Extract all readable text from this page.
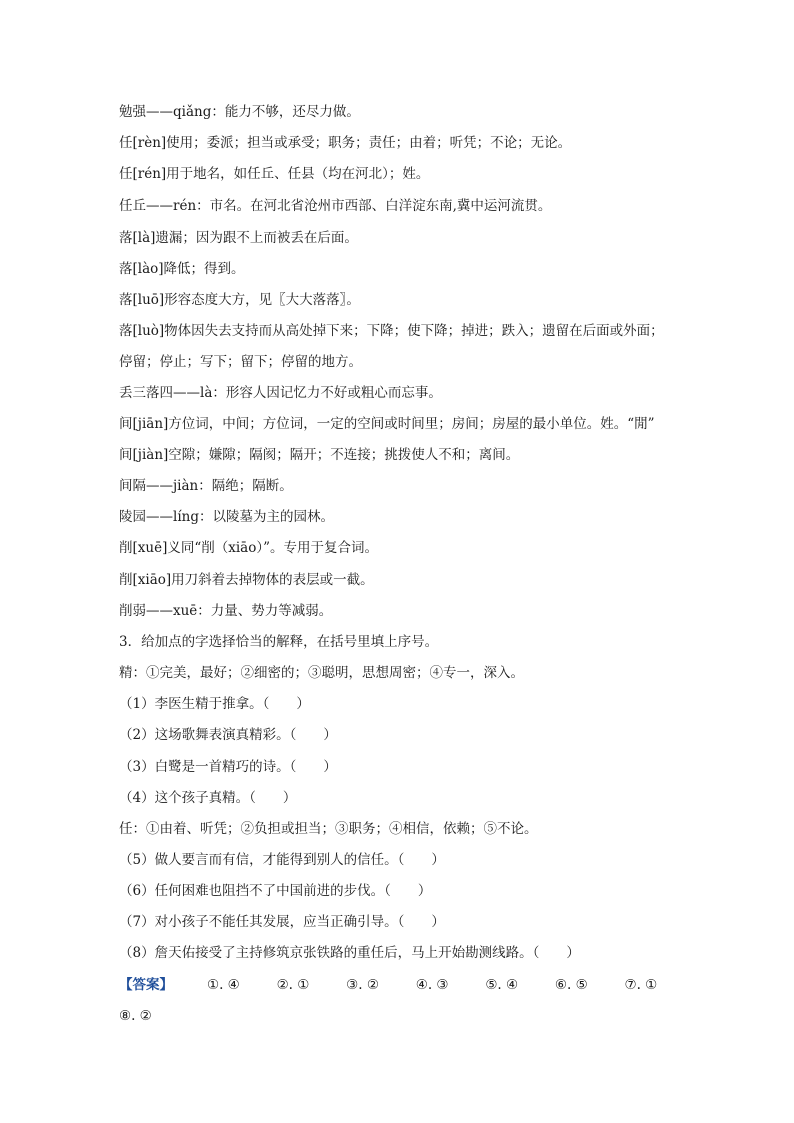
勉强——qiǎng：能力不够，还尽力做。
任[rèn]使用；委派；担当或承受；职务；责任；由着；听凭；不论；无论。
任[rén]用于地名，如任丘、任县（均在河北）；姓。
任丘——rén：市名。在河北省沧州市西部、白洋淀东南,冀中运河流贯。
落[là]遗漏；因为跟不上而被丢在后面。
落[lào]降低；得到。
落[luō]形容态度大方，见〖大大落落〗。
落[luò]物体因失去支持而从高处掉下来；下降；使下降；掉进；跌入；遗留在后面或外面；
停留；停止；写下；留下；停留的地方。
丢三落四——là：形容人因记忆力不好或粗心而忘事。
间[jiān]方位词，中间；方位词，一定的空间或时间里；房间；房屋的最小单位。姓。“閒”
间[jiàn]空隙；嫌隙；隔阂；隔开；不连接；挑拨使人不和；离间。
间隔——jiàn：隔绝；隔断。
陵园——líng：以陵墓为主的园林。
削[xuē]义同“削（xiāo）”。专用于复合词。
削[xiāo]用刀斜着去掉物体的表层或一截。
削弱——xuē：力量、势力等减弱。
3．给加点的字选择恰当的解释，在括号里填上序号。
精：①完美，最好；②细密的；③聪明，思想周密；④专一，深入。
（1）李医生精于推拿。（　　）
（2）这场歌舞表演真精彩。（　　）
（3）白鹭是一首精巧的诗。（　　）
（4）这个孩子真精。（　　）
任：①由着、听凭；②负担或担当；③职务；④相信，依赖；⑤不论。
（5）做人要言而有信，才能得到别人的信任。（　　）
（6）任何困难也阻挡不了中国前进的步伐。（　　）
（7）对小孩子不能任其发展，应当正确引导。（　　）
（8）詹天佑接受了主持修筑京张铁路的重任后，马上开始勘测线路。（　　）
【答案】	①. ④	②. ①	③. ②	④. ③	⑤. ④	⑥. ⑤	⑦. ①
⑧. ②
